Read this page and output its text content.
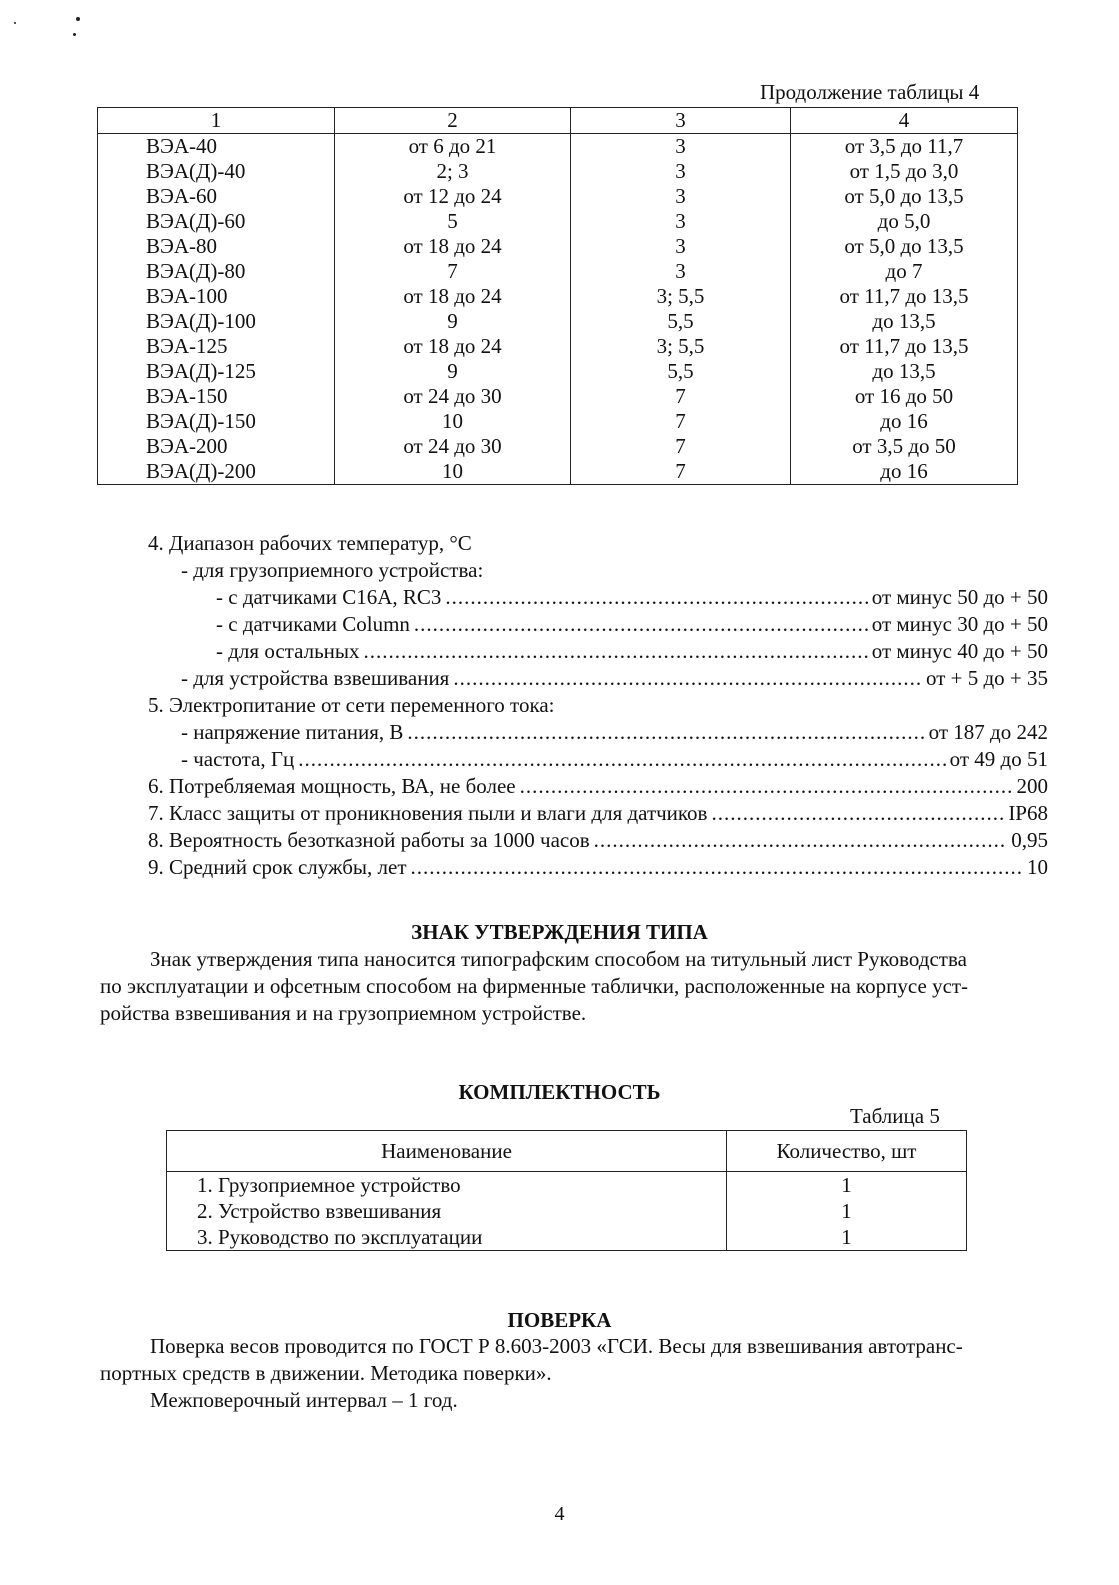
Продолжение таблицы 4
1	2	3	4
ВЭА-40	от 6 до 21	3	от 3,5 до 11,7
ВЭА(Д)-40	2; 3	3	от 1,5 до 3,0
ВЭА-60	от 12 до 24	3	от 5,0 до 13,5
ВЭА(Д)-60	5	3	до 5,0
ВЭА-80	от 18 до 24	3	от 5,0 до 13,5
ВЭА(Д)-80	7	3	до 7
ВЭА-100	от 18 до 24	3; 5,5	от 11,7 до 13,5
ВЭА(Д)-100	9	5,5	до 13,5
ВЭА-125	от 18 до 24	3; 5,5	от 11,7 до 13,5
ВЭА(Д)-125	9	5,5	до 13,5
ВЭА-150	от 24 до 30	7	от 16 до 50
ВЭА(Д)-150	10	7	до 16
ВЭА-200	от 24 до 30	7	от 3,5 до 50
ВЭА(Д)-200	10	7	до 16
4. Диапазон рабочих температур, °C
- для грузоприемного устройства:
- с датчиками C16A, RC3 .....	от минус 50 до + 50
- с датчиками Column .....	от минус 30 до + 50
- для остальных .....	от минус 40 до + 50
- для устройства взвешивания .....	от + 5 до + 35
5. Электропитание от сети переменного тока:
- напряжение питания, В .....	от 187 до 242
- частота, Гц .....	от 49 до 51
6. Потребляемая мощность, ВА, не более .....	200
7. Класс защиты от проникновения пыли и влаги для датчиков .....	IP68
8. Вероятность безотказной работы за 1000 часов .....	0,95
9. Средний срок службы, лет .....	10
ЗНАК УТВЕРЖДЕНИЯ ТИПА
Знак утверждения типа наносится типографским способом на титульный лист Руководства
по эксплуатации и офсетным способом на фирменные таблички, расположенные на корпусе уст-
ройства взвешивания и на грузоприемном устройстве.
КОМПЛЕКТНОСТЬ
Таблица 5
Наименование	Количество, шт
1. Грузоприемное устройство	1
2. Устройство взвешивания	1
3. Руководство по эксплуатации	1
ПОВЕРКА
Поверка весов проводится по ГОСТ Р 8.603-2003 «ГСИ. Весы для взвешивания автотранс-
портных средств в движении. Методика поверки».
Межповерочный интервал – 1 год.
4
